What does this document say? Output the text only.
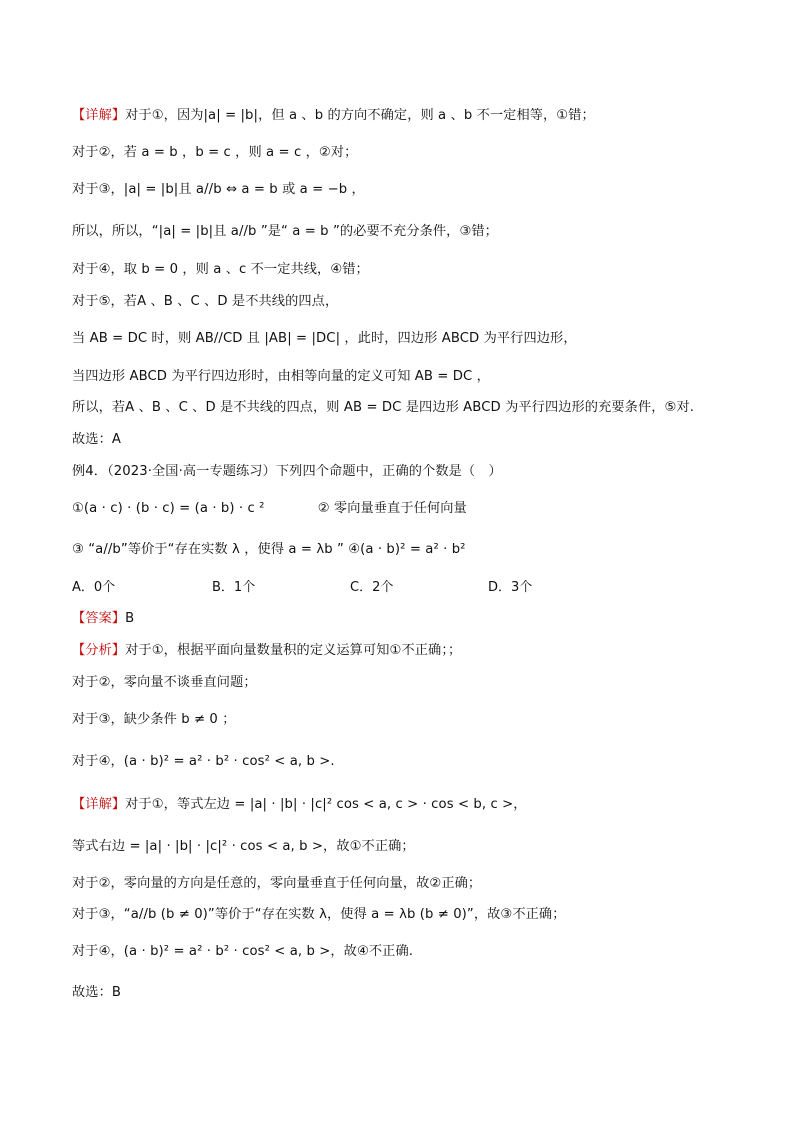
【详解】对于①，因为|a| = |b|，但 a 、b 的方向不确定，则 a 、b 不一定相等，①错；
对于②，若 a = b ，b = c ，则 a = c ，②对；
对于③，|a| = |b|且 a//b ⇔ a = b 或 a = −b ，
所以，所以，“|a| = |b|且 a//b ”是“ a = b ”的必要不充分条件，③错；
对于④，取 b = 0 ，则 a 、c 不一定共线，④错；
对于⑤，若A 、B 、C 、D 是不共线的四点，
当 AB = DC 时，则 AB//CD 且 |AB| = |DC| ，此时，四边形 ABCD 为平行四边形，
当四边形 ABCD 为平行四边形时，由相等向量的定义可知 AB = DC ，
所以，若A 、B 、C 、D 是不共线的四点，则 AB = DC 是四边形 ABCD 为平行四边形的充要条件，⑤对.
故选：A
例4．（2023·全国·高一专题练习）下列四个命题中，正确的个数是（　）
①(a · c) · (b · c) = (a · b) · c ²　　　　② 零向量垂直于任何向量
③ “a//b”等价于“存在实数 λ ，使得 a = λb ” ④(a · b)² = a² · b²
A．0个	B．1个	C．2个	D．3个
【答案】B
【分析】对于①，根据平面向量数量积的定义运算可知①不正确；；
对于②，零向量不谈垂直问题；
对于③，缺少条件 b ≠ 0 ；
对于④，(a · b)² = a² · b² · cos² < a, b >.
【详解】对于①，等式左边 = |a| · |b| · |c|² cos < a, c > · cos < b, c >，
等式右边 = |a| · |b| · |c|² · cos < a, b >，故①不正确；
对于②，零向量的方向是任意的，零向量垂直于任何向量，故②正确；
对于③，“a//b (b ≠ 0)”等价于“存在实数 λ，使得 a = λb (b ≠ 0)”，故③不正确；
对于④，(a · b)² = a² · b² · cos² < a, b >，故④不正确.
故选：B
